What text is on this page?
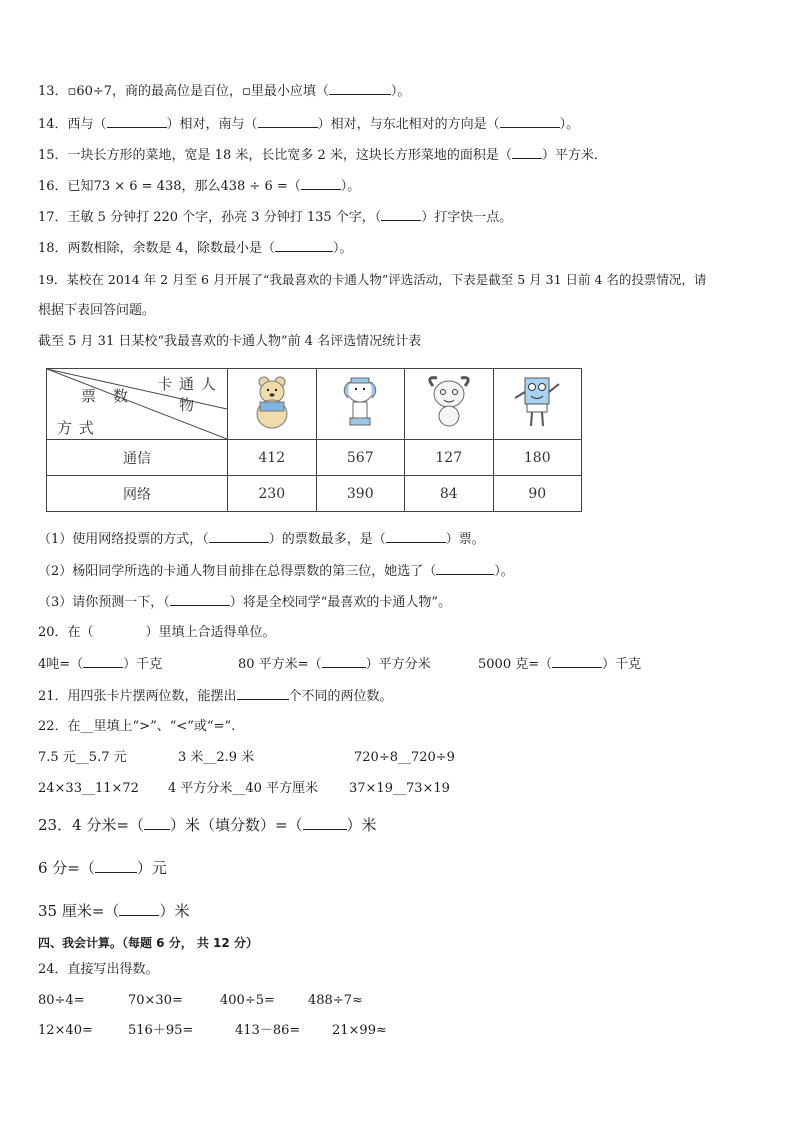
13．▫60÷7，商的最高位是百位，▫里最小应填（	）。
14．西与（	）相对，南与（	）相对，与东北相对的方向是（	）。
15．一块长方形的菜地，宽是 18 米，长比宽多 2 米，这块长方形菜地的面积是（ ）平方米．
16．已知73 × 6 = 438，那么438 ÷ 6 =（	）。
17．王敏 5 分钟打 220 个字，孙亮 3 分钟打 135 个字，（	）打字快一点。
18．两数相除，余数是 4，除数最小是（	）。
19．某校在 2014 年 2 月至 6 月开展了“我最喜欢的卡通人物”评选活动，下表是截至 5 月 31 日前 4 名的投票情况，请
根据下表回答问题。
截至 5 月 31 日某校“我最喜欢的卡通人物”前 4 名评选情况统计表
卡 通 人 物
票　数
方 式

通信	412	567	127	180
网络	230	390	84	90
（1）使用网络投票的方式，（	）的票数最多，是（	）票。
（2）杨阳同学所选的卡通人物目前排在总得票数的第三位，她选了（	）。
（3）请你预测一下，（	）将是全校同学“最喜欢的卡通人物”。
20．在（　　　　）里填上合适得单位。
4吨=（	）千克	80 平方米=（	）平方分米	5000 克=（	）千克
21．用四张卡片摆两位数，能摆出	个不同的两位数。
22．在__里填上“>”、“<”或“=”.
7.5 元__5.7 元	3 米__2.9 米	720÷8__720÷9
24×33__11×72 4 平方分米__40 平方厘米 37×19__73×19
23．4 分米=（ ）米（填分数）=（	）米
6 分=（	）元
35 厘米=（	）米
四、我会计算。（每题 6 分， 共 12 分）
24．直接写出得数。
80÷4=	70×30=	400÷5=	488÷7≈
12×40=	516＋95=	413－86= 21×99≈
